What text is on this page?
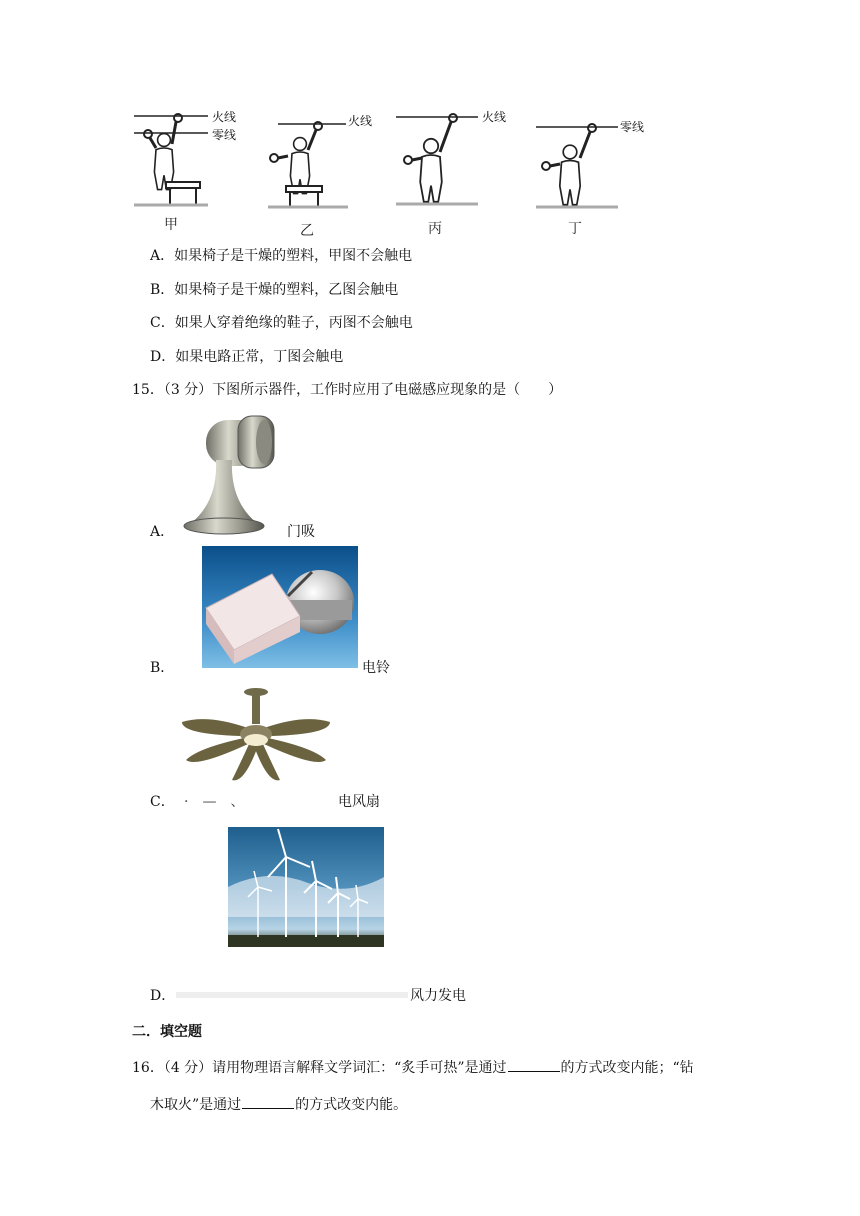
火线
零线
火线	火线
零线
甲	乙	丙	丁
A．如果椅子是干燥的塑料，甲图不会触电
B．如果椅子是干燥的塑料，乙图会触电
C．如果人穿着绝缘的鞋子，丙图不会触电
D．如果电路正常，丁图会触电
15．（3 分）下图所示器件，工作时应用了电磁感应现象的是（　　）
A．	门吸
B．	电铃
C． ·　—　、	电风扇
D．	风力发电
二．填空题
16．（4 分）请用物理语言解释文学词汇：“炙手可热”是通过	的方式改变内能；“钻
木取火”是通过	的方式改变内能。
